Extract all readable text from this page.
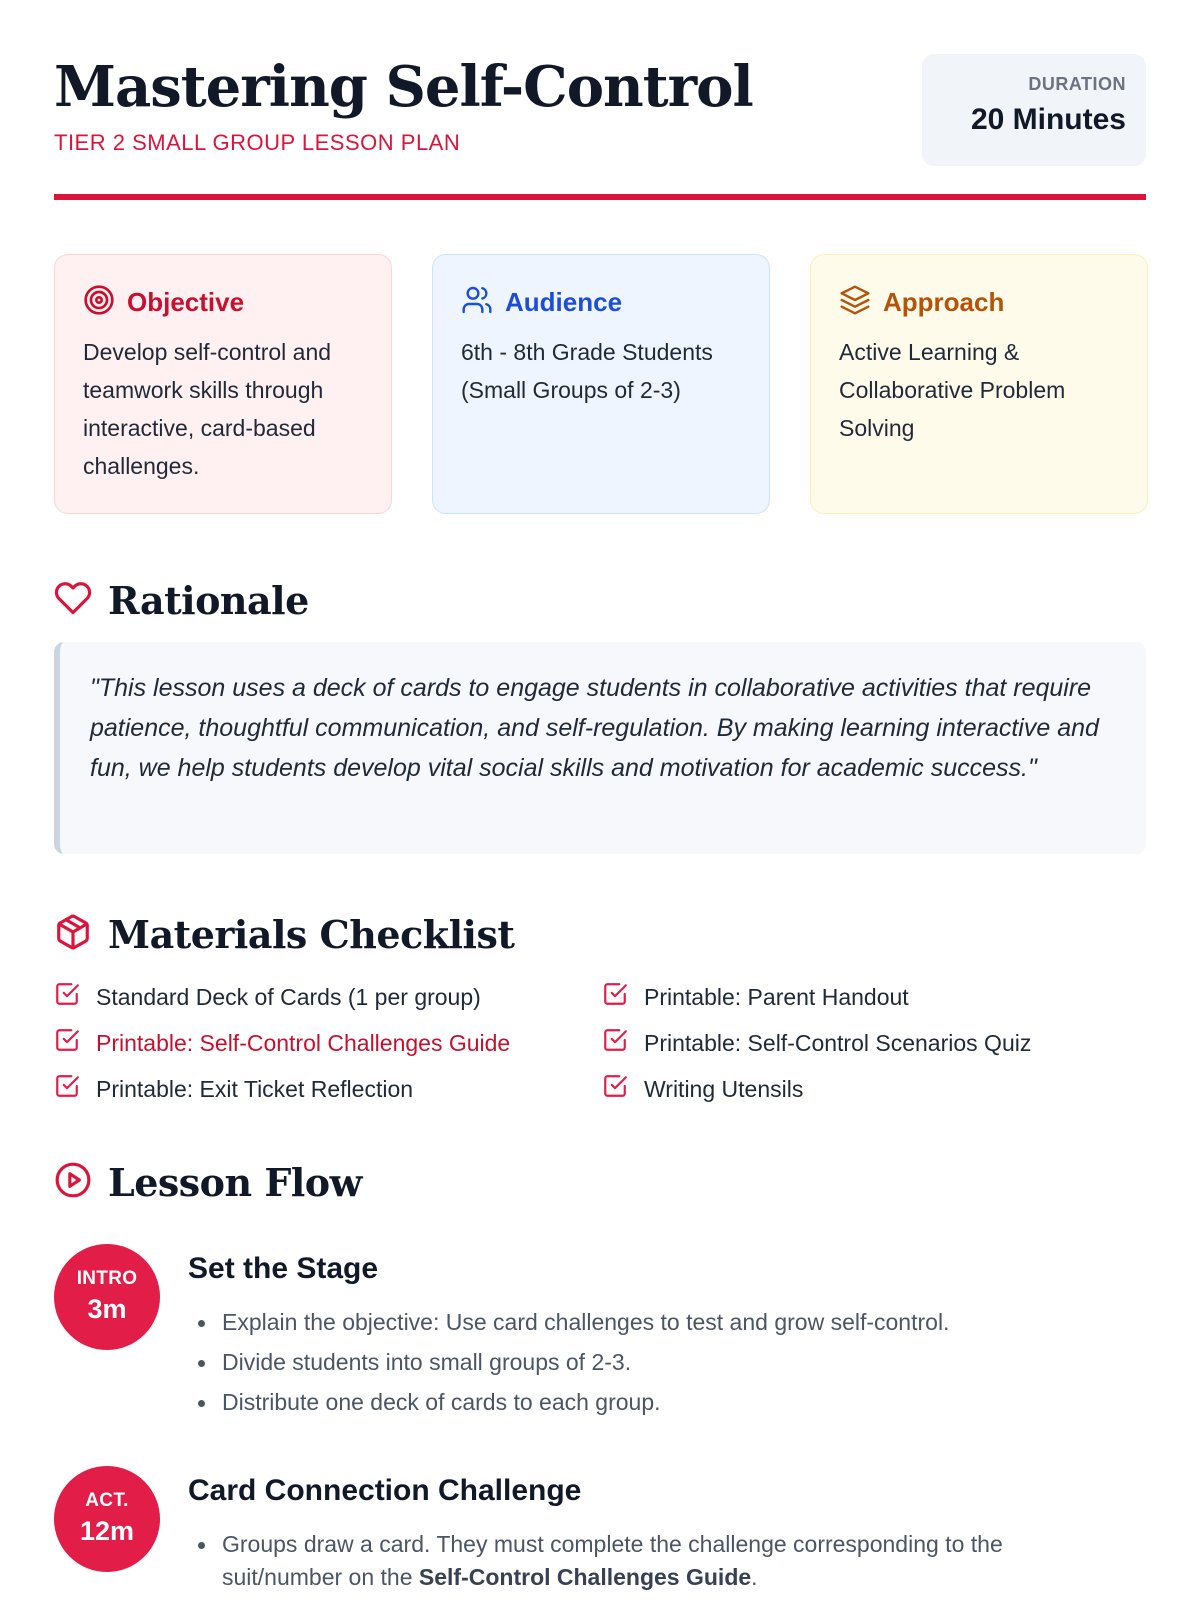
Mastering Self-Control
TIER 2 SMALL GROUP LESSON PLAN
DURATION
20 Minutes
Objective
Develop self-control and teamwork skills through interactive, card-based challenges.
Audience
6th - 8th Grade Students (Small Groups of 2-3)
Approach
Active Learning & Collaborative Problem Solving
Rationale
"This lesson uses a deck of cards to engage students in collaborative activities that require patience, thoughtful communication, and self-regulation. By making learning interactive and fun, we help students develop vital social skills and motivation for academic success."
Materials Checklist
Standard Deck of Cards (1 per group)	Printable: Parent Handout
Printable: Self-Control Challenges Guide	Printable: Self-Control Scenarios Quiz
Printable: Exit Ticket Reflection	Writing Utensils
Lesson Flow
INTRO
3m
Set the Stage
Explain the objective: Use card challenges to test and grow self-control.
Divide students into small groups of 2-3.
Distribute one deck of cards to each group.
ACT.
12m
Card Connection Challenge
Groups draw a card. They must complete the challenge corresponding to the suit/number on the Self-Control Challenges Guide.
